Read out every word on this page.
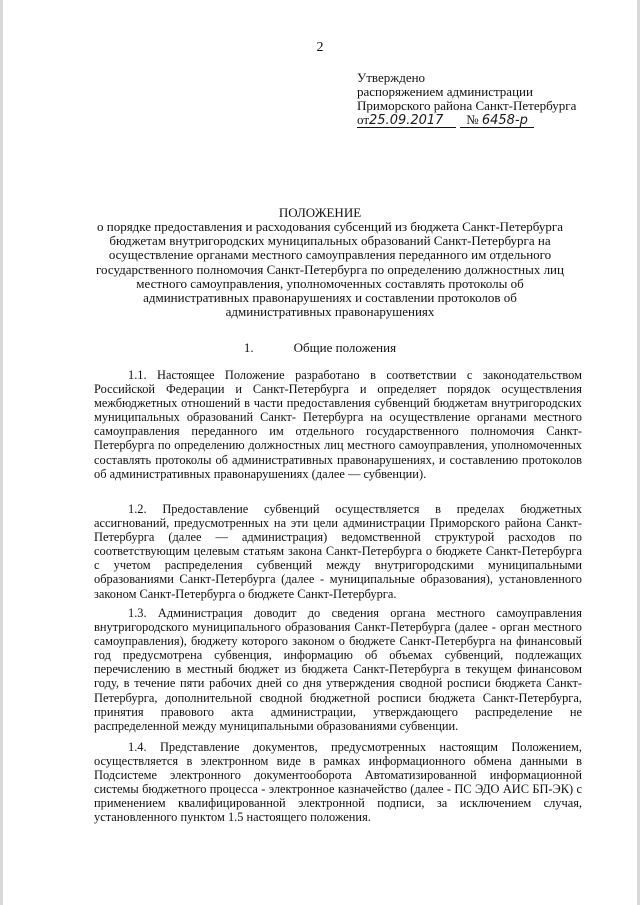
2
Утверждено
распоряжением администрации
Приморского района Санкт-Петербурга
от25.09.2017 № 6458-р
ПОЛОЖЕНИЕ
о порядке предоставления и расходования субсенций из бюджета Санкт-Петербурга бюджетам внутригородских муниципальных образований Санкт-Петербурга на осуществление органами местного самоуправления переданного им отдельного государственного полномочия Санкт-Петербурга по определению должностных лиц местного самоуправления, уполномоченных составлять протоколы об административных правонарушениях и составлении протоколов об административных правонарушениях
1.	Общие положения
1.1. Настоящее Положение разработано в соответствии с законодательством Российской Федерации и Санкт-Петербурга и определяет порядок осуществления межбюджетных отношений в части предоставления субвенций бюджетам внутригородских муниципальных образований Санкт- Петербурга на осуществление органами местного самоуправления переданного им отдельного государственного полномочия Санкт-Петербурга по определению должностных лиц местного самоуправления, уполномоченных составлять протоколы об административных правонарушениях, и составлению протоколов об административных правонарушениях (далее — субвенции).
1.2. Предоставление субвенций осуществляется в пределах бюджетных ассигнований, предусмотренных на эти цели администрации Приморского района Санкт-Петербурга (далее — администрация) ведомственной структурой расходов по соответствующим целевым статьям закона Санкт-Петербурга о бюджете Санкт-Петербурга с учетом распределения субвенций между внутригородскими муниципальными образованиями Санкт-Петербурга (далее - муниципальные образования), установленного законом Санкт-Петербурга о бюджете Санкт-Петербурга.
1.3. Администрация доводит до сведения органа местного самоуправления внутригородского муниципального образования Санкт-Петербурга (далее - орган местного самоуправления), бюджету которого законом о бюджете Санкт-Петербурга на финансовый год предусмотрена субвенция, информацию об объемах субвенций, подлежащих перечислению в местный бюджет из бюджета Санкт-Петербурга в текущем финансовом году, в течение пяти рабочих дней со дня утверждения сводной росписи бюджета Санкт-Петербурга, дополнительной сводной бюджетной росписи бюджета Санкт-Петербурга, принятия правового акта администрации, утверждающего распределение не распределенной между муниципальными образованиями субвенции.
1.4. Представление документов, предусмотренных настоящим Положением, осуществляется в электронном виде в рамках информационного обмена данными в Подсистеме электронного документооборота Автоматизированной информационной системы бюджетного процесса - электронное казначейство (далее - ПС ЭДО АИС БП-ЭК) с применением квалифицированной электронной подписи, за исключением случая, установленного пунктом 1.5 настоящего положения.
